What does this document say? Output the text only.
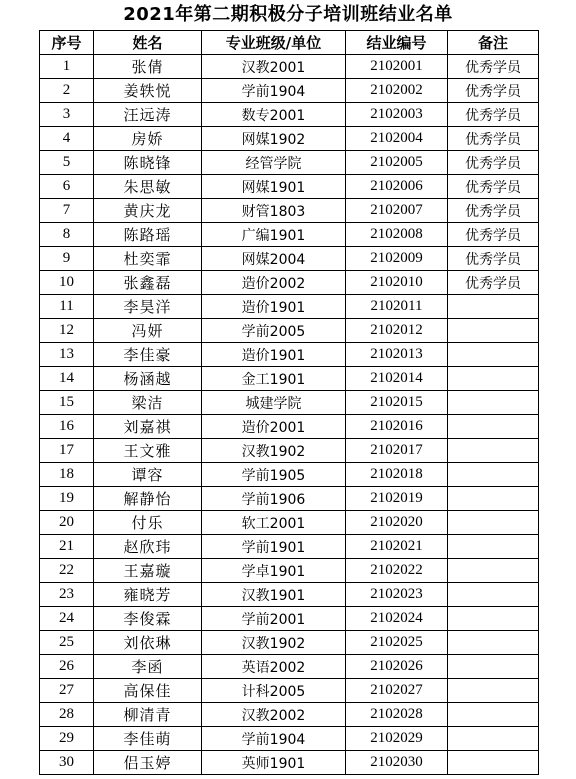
2021年第二期积极分子培训班结业名单
序号	姓名	专业班级/单位	结业编号	备注
1	张倩	汉教2001	2102001	优秀学员
2	姜轶悦	学前1904	2102002	优秀学员
3	汪远涛	数专2001	2102003	优秀学员
4	房娇	网媒1902	2102004	优秀学员
5	陈晓锋	经管学院	2102005	优秀学员
6	朱思敏	网媒1901	2102006	优秀学员
7	黄庆龙	财管1803	2102007	优秀学员
8	陈路瑶	广编1901	2102008	优秀学员
9	杜奕霏	网媒2004	2102009	优秀学员
10	张鑫磊	造价2002	2102010	优秀学员
11	李昊洋	造价1901	2102011	
12	冯妍	学前2005	2102012	
13	李佳豪	造价1901	2102013	
14	杨涵越	金工1901	2102014	
15	梁洁	城建学院	2102015	
16	刘嘉祺	造价2001	2102016	
17	王文雅	汉教1902	2102017	
18	谭容	学前1905	2102018	
19	解静怡	学前1906	2102019	
20	付乐	软工2001	2102020	
21	赵欣玮	学前1901	2102021	
22	王嘉璇	学卓1901	2102022	
23	雍晓芳	汉教1901	2102023	
24	李俊霖	学前2001	2102024	
25	刘依琳	汉教1902	2102025	
26	李函	英语2002	2102026	
27	高保佳	计科2005	2102027	
28	柳清青	汉教2002	2102028	
29	李佳萌	学前1904	2102029	
30	侣玉婷	英师1901	2102030	
